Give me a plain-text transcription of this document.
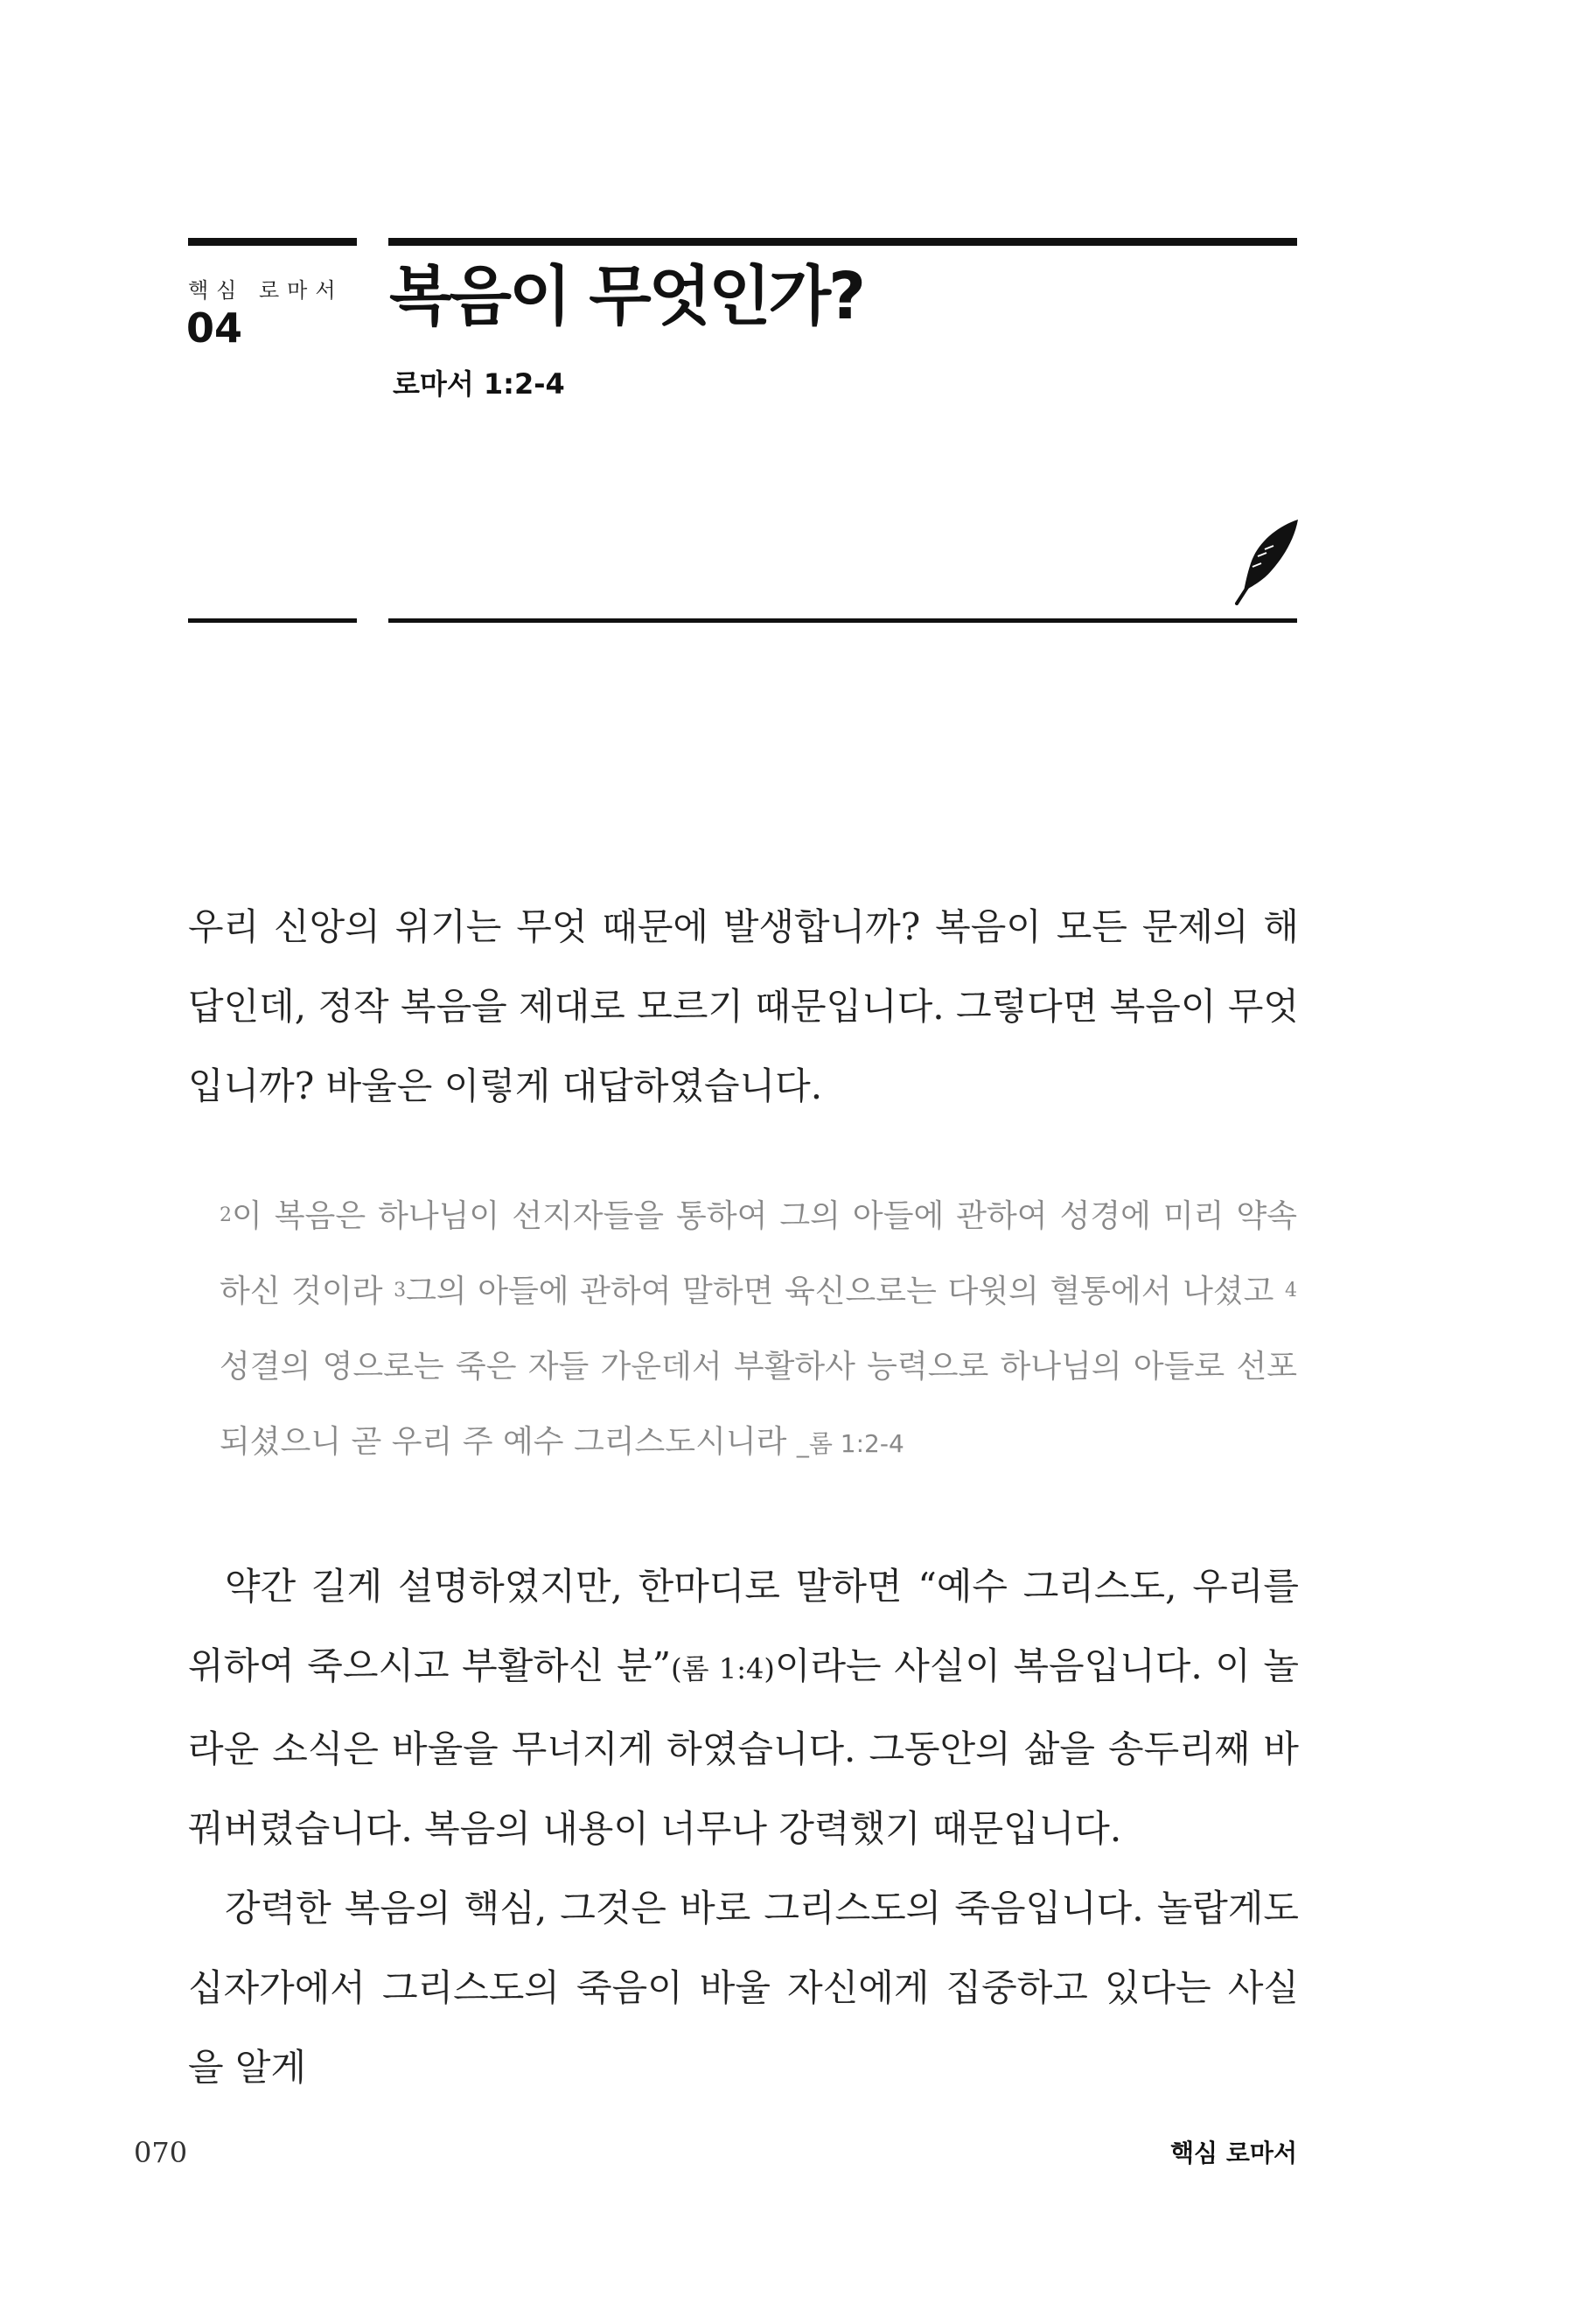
핵심 로마서
04 복음이 무엇인가?
로마서 1:2-4

우리 신앙의 위기는 무엇 때문에 발생합니까? 복음이 모든 문제의 해답인데, 정작 복음을 제대로 모르기 때문입니다. 그렇다면 복음이 무엇입니까? 바울은 이렇게 대답하였습니다.

$^2$이 복음은 하나님이 선지자들을 통하여 그의 아들에 관하여 성경에 미리 약속하신 것이라 $^3$그의 아들에 관하여 말하면 육신으로는 다윗의 혈통에서 나셨고 $^4$성결의 영으로는 죽은 자들 가운데서 부활하사 능력으로 하나님의 아들로 선포되셨으니 곧 우리 주 예수 그리스도시니라 _롬 1:2-4

약간 길게 설명하였지만, 한마디로 말하면 “예수 그리스도, 우리를 위하여 죽으시고 부활하신 분”(롬 1:4)이라는 사실이 복음입니다. 이 놀라운 소식은 바울을 무너지게 하였습니다. 그동안의 삶을 송두리째 바꿔버렸습니다. 복음의 내용이 너무나 강력했기 때문입니다.

강력한 복음의 핵심, 그것은 바로 그리스도의 죽음입니다. 놀랍게도 십자가에서 그리스도의 죽음이 바울 자신에게 집중하고 있다는 사실을 알게

070	핵심 로마서
